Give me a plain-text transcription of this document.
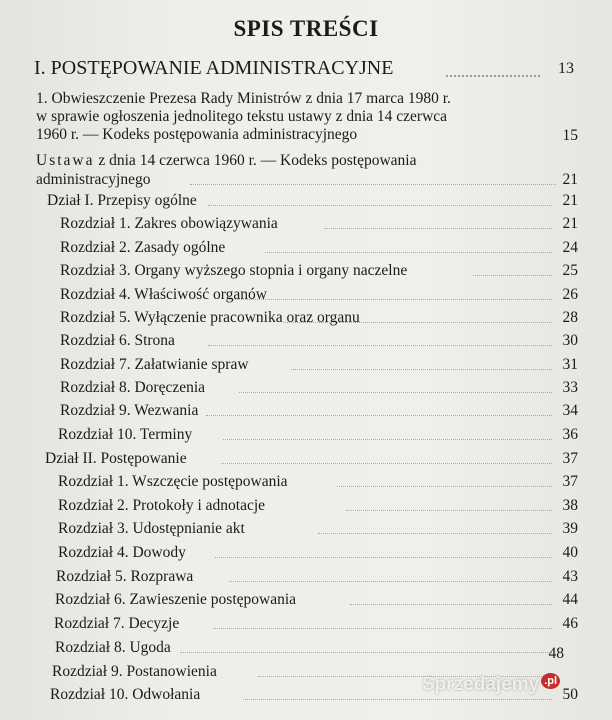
SPIS TREŚCI
I. POSTĘPOWANIE ADMINISTRACYJNE	13
1. Obwieszczenie Prezesa Rady Ministrów z dnia 17 marca 1980 r.
w sprawie ogłoszenia jednolitego tekstu ustawy z dnia 14 czerwca
1960 r. — Kodeks postępowania administracyjnego	15
Ustawa z dnia 14 czerwca 1960 r. — Kodeks postępowania
administracyjnego	21
Dział I. Przepisy ogólne	21
Rozdział 1. Zakres obowiązywania	21
Rozdział 2. Zasady ogólne	24
Rozdział 3. Organy wyższego stopnia i organy naczelne	25
Rozdział 4. Właściwość organów	26
Rozdział 5. Wyłączenie pracownika oraz organu	28
Rozdział 6. Strona	30
Rozdział 7. Załatwianie spraw	31
Rozdział 8. Doręczenia	33
Rozdział 9. Wezwania	34
Rozdział 10. Terminy	36
Dział II. Postępowanie	37
Rozdział 1. Wszczęcie postępowania	37
Rozdział 2. Protokoły i adnotacje	38
Rozdział 3. Udostępnianie akt	39
Rozdział 4. Dowody	40
Rozdział 5. Rozprawa	43
Rozdział 6. Zawieszenie postępowania	44
Rozdział 7. Decyzje	46
Rozdział 8. Ugoda	48
Rozdział 9. Postanowienia
Rozdział 10. Odwołania	50
Sprzedajemy $^{.pl}$
